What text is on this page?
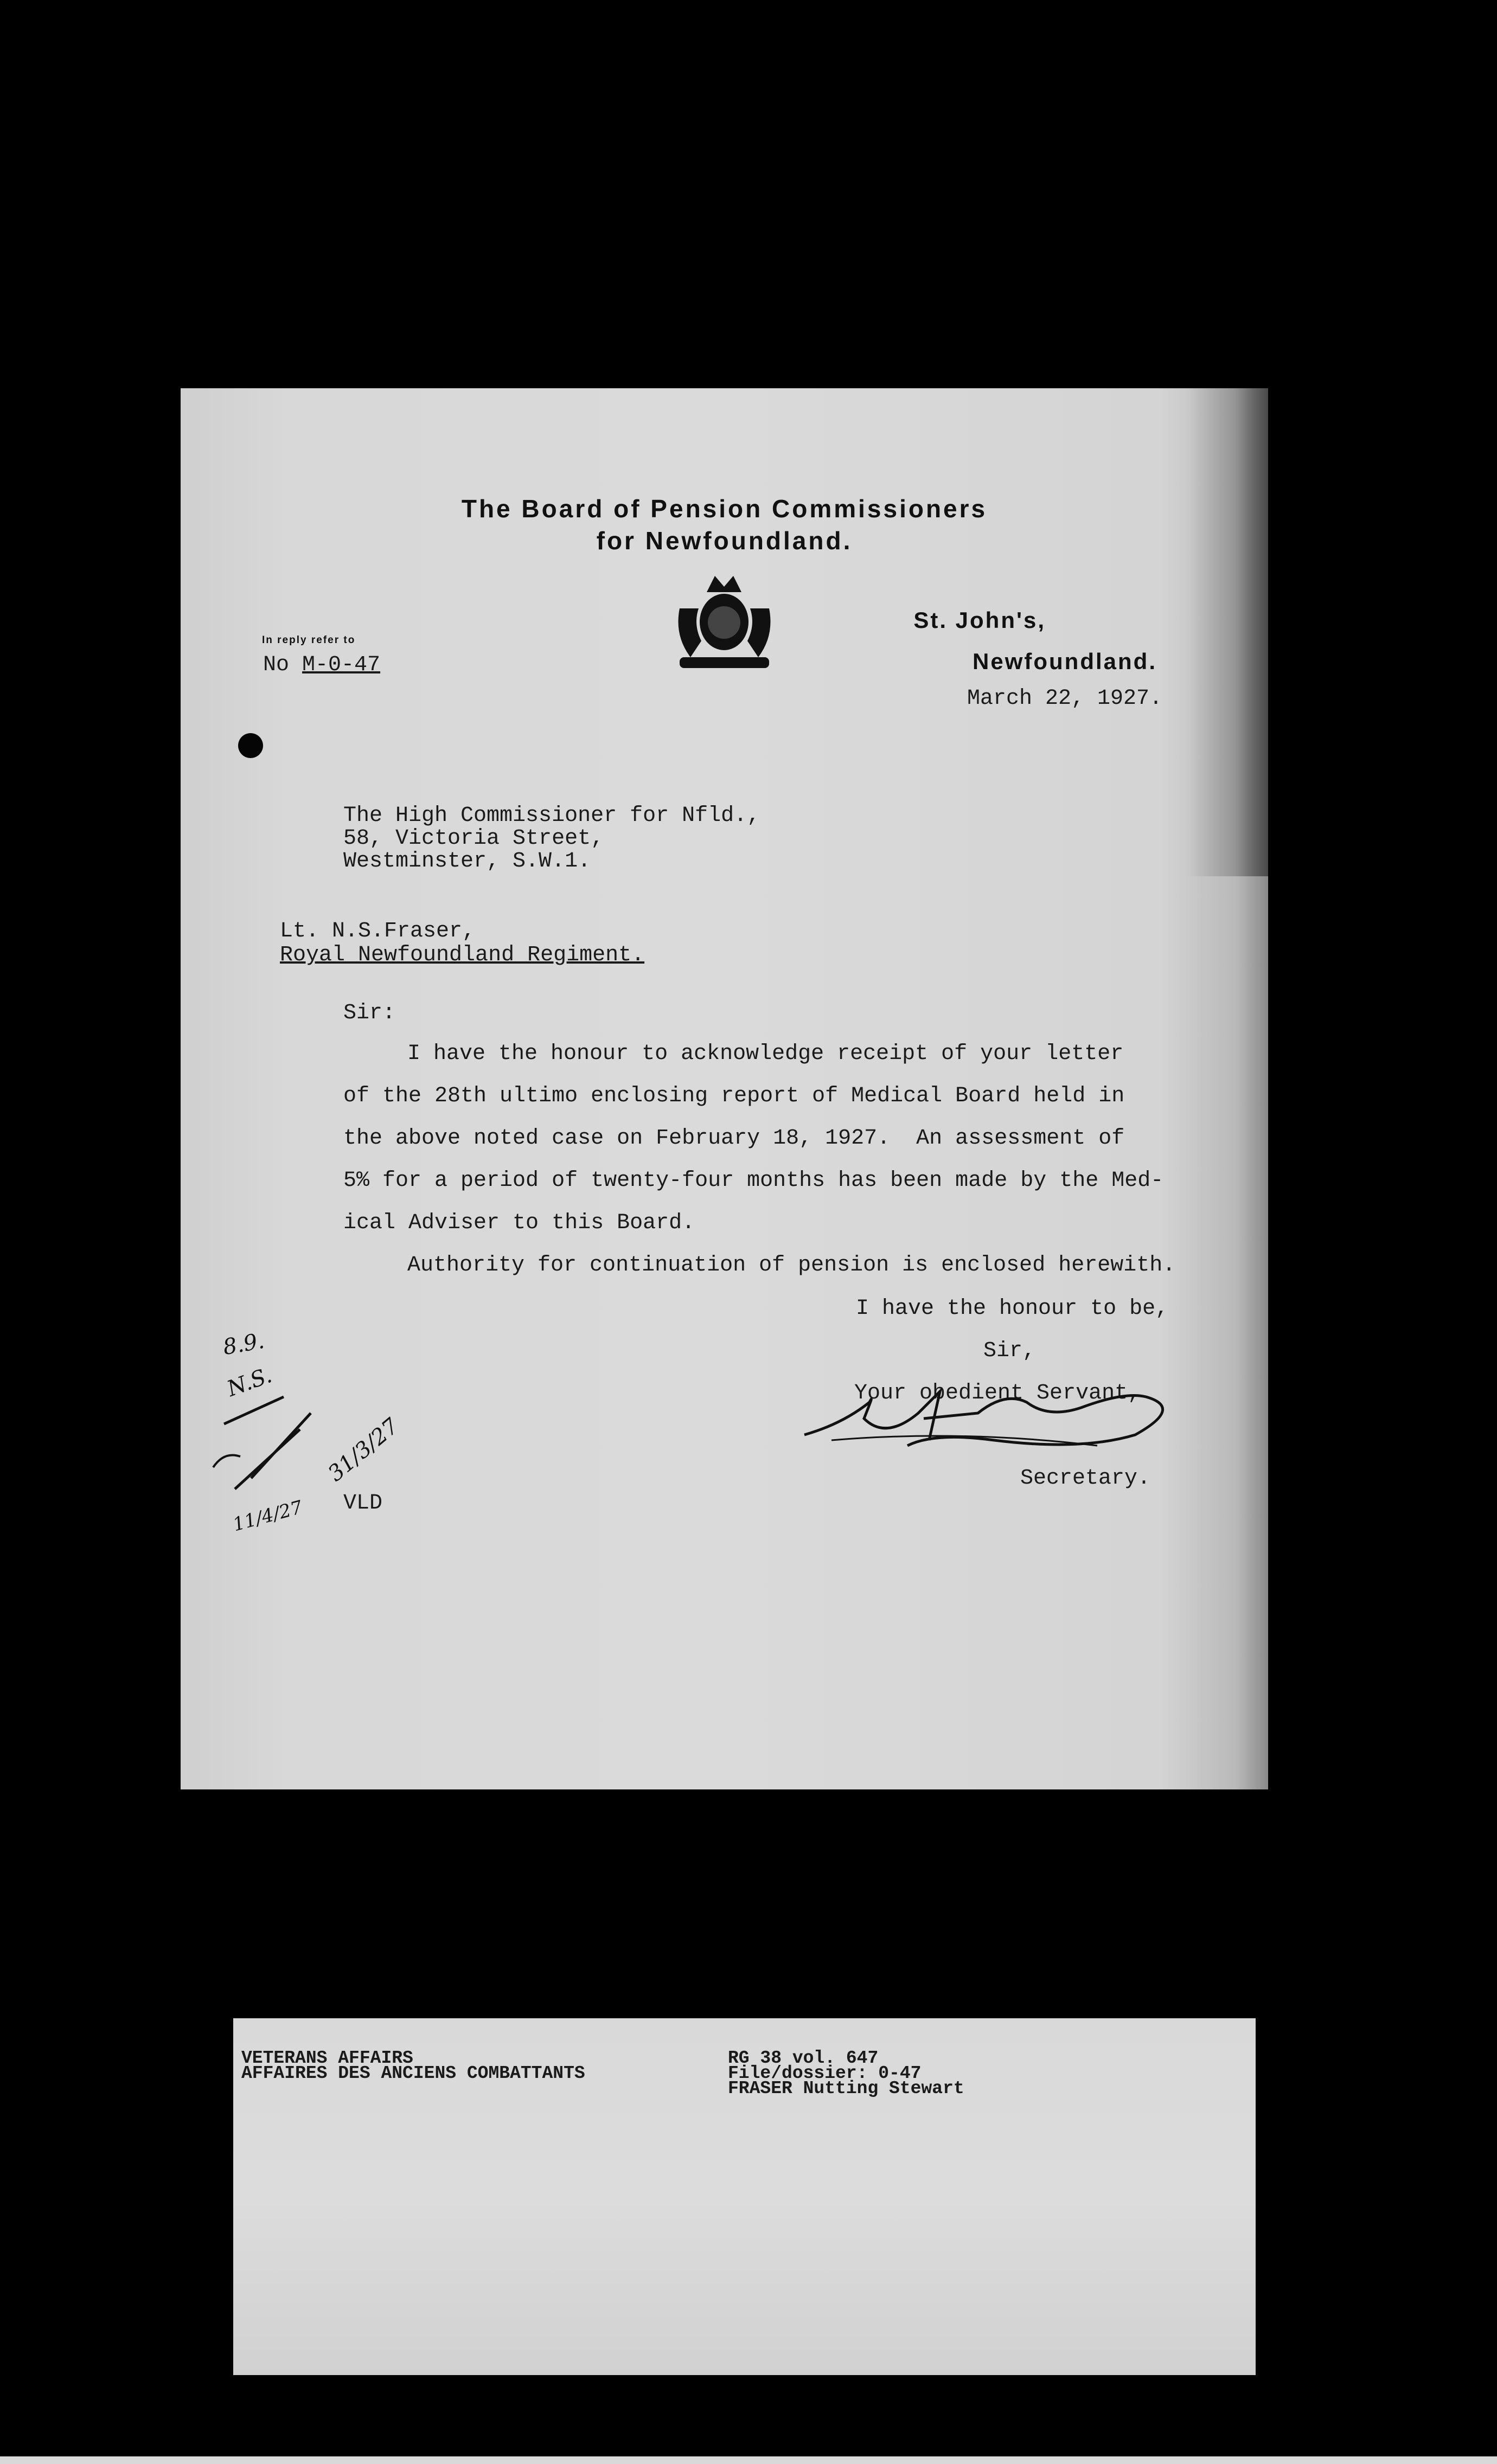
The Board of Pension Commissioners
for Newfoundland.
St. John's,
Newfoundland.
March 22, 1927.
In reply refer to
No M-0-47
The High Commissioner for Nfld.,
58, Victoria Street,
Westminster, S.W.1.
Lt. N.S.Fraser,
Royal Newfoundland Regiment.
Sir:
I have the honour to acknowledge receipt of your letter
of the 28th ultimo enclosing report of Medical Board held in
the above noted case on February 18, 1927.  An assessment of
5% for a period of twenty-four months has been made by the Med-
ical Adviser to this Board.
Authority for continuation of pension is enclosed herewith.
I have the honour to be,
Sir,
Your obedient Servant,
Secretary.
VLD
8.9.
N.S.
31/3/27
11/4/27
VETERANS AFFAIRS
AFFAIRES DES ANCIENS COMBATTANTS
RG 38 vol. 647
File/dossier: 0-47
FRASER Nutting Stewart
